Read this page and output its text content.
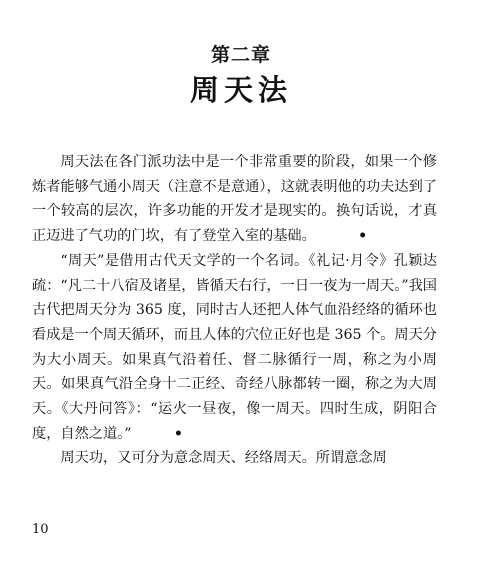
第二章
周天法

周天法在各门派功法中是一个非常重要的阶段，如果一个修炼者能够气通小周天（注意不是意通），这就表明他的功夫达到了一个较高的层次，许多功能的开发才是现实的。换句话说，才真正迈进了气功的门坎，有了登堂入室的基础。	•

“周天”是借用古代天文学的一个名词。《礼记·月令》孔颖达疏：“凡二十八宿及诸星，皆循天右行，一日一夜为一周天。”我国古代把周天分为 365 度，同时古人还把人体气血沿经络的循环也看成是一个周天循环，而且人体的穴位正好也是 365 个。周天分为大小周天。如果真气沿着任、督二脉循行一周，称之为小周天。如果真气沿全身十二正经、奇经八脉都转一圈，称之为大周天。《大丹问答》：“运火一昼夜，像一周天。四时生成，阴阳合度，自然之道。”	•

周天功，又可分为意念周天、经络周天。所谓意念周

10
